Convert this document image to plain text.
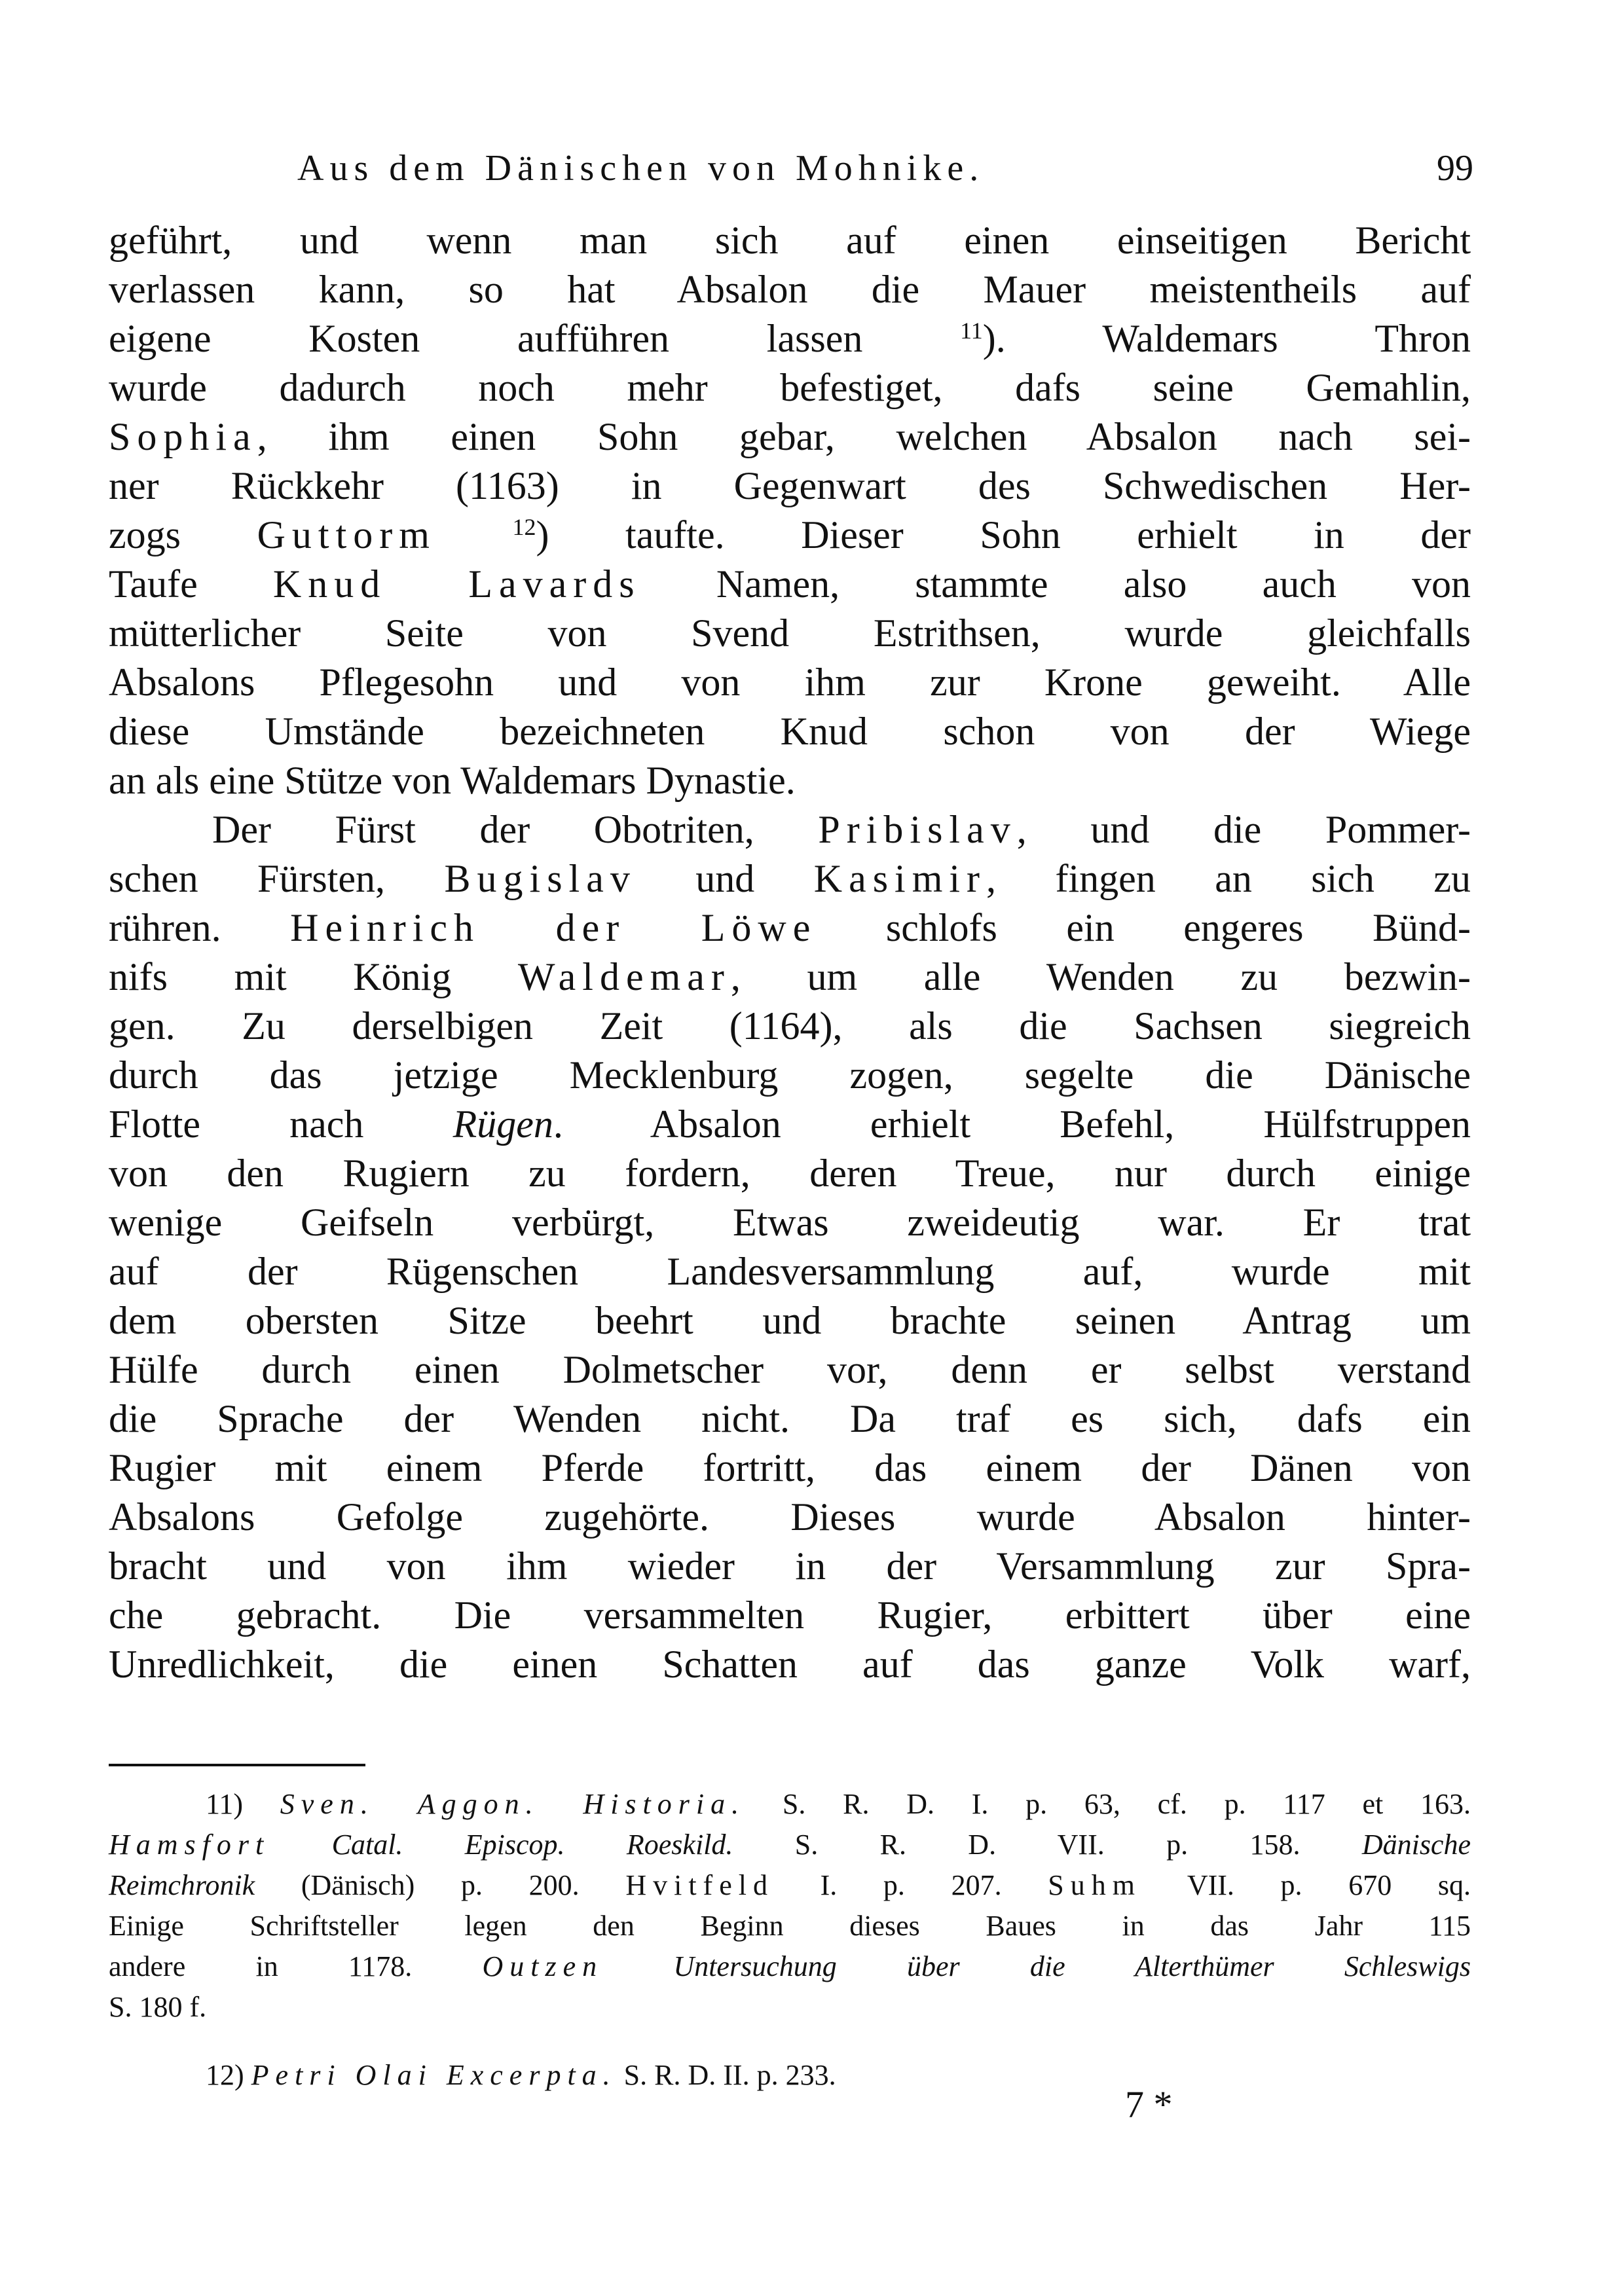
Aus dem Dänischen von Mohnike.	99
geführt, und wenn man sich auf einen einseitigen Bericht
verlassen kann, so hat Absalon die Mauer meistentheils auf
eigene Kosten aufführen lassen $^{11}$). Waldemars Thron
wurde dadurch noch mehr befestiget, dafs seine Gemahlin,
Sophia, ihm einen Sohn gebar, welchen Absalon nach sei-
ner Rückkehr (1163) in Gegenwart des Schwedischen Her-
zogs Guttorm	$^{12}$) taufte. Dieser Sohn erhielt in der
Taufe Knud Lavards Namen, stammte also auch von
mütterlicher Seite von Svend Estrithsen, wurde gleichfalls
Absalons Pflegesohn und von ihm zur Krone geweiht. Alle
diese Umstände bezeichneten Knud schon von der Wiege
an als eine Stütze von Waldemars Dynastie.
Der Fürst der Obotriten, Pribislav, und die Pommer-
schen Fürsten, Bugislav und Kasimir, fingen an sich zu
rühren. Heinrich der Löwe schlofs ein engeres Bünd-
nifs mit König Waldemar, um alle Wenden zu bezwin-
gen. Zu derselbigen Zeit (1164), als die Sachsen siegreich
durch das jetzige Mecklenburg zogen, segelte die Dänische
Flotte nach Rügen. Absalon erhielt Befehl, Hülfstruppen
von den Rugiern zu fordern, deren Treue, nur durch einige
wenige Geifseln verbürgt, Etwas zweideutig war. Er trat
auf der Rügenschen Landesversammlung auf, wurde mit
dem obersten Sitze beehrt und brachte seinen Antrag um
Hülfe durch einen Dolmetscher vor, denn er selbst verstand
die Sprache der Wenden nicht. Da traf es sich, dafs ein
Rugier mit einem Pferde fortritt, das einem der Dänen von
Absalons Gefolge zugehörte. Dieses wurde Absalon hinter-
bracht und von ihm wieder in der Versammlung zur Spra-
che gebracht. Die versammelten Rugier, erbittert über eine
Unredlichkeit, die einen Schatten auf das ganze Volk warf,
11) Sven. Aggon. Historia. S. R. D. I. p. 63, cf. p. 117 et 163.
Hamsfort Catal. Episcop. Roeskild. S. R. D. VII. p. 158. Dänische
Reimchronik (Dänisch) p. 200. Hvitfeld I. p. 207. Suhm VII. p. 670 sq.
Einige Schriftsteller legen den Beginn dieses Baues in das Jahr 115
andere in 1178. Outzen Untersuchung über die Alterthümer Schleswigs
S. 180 f.
12) Petri Olai Excerpta. S. R. D. II. p. 233.
7 *
